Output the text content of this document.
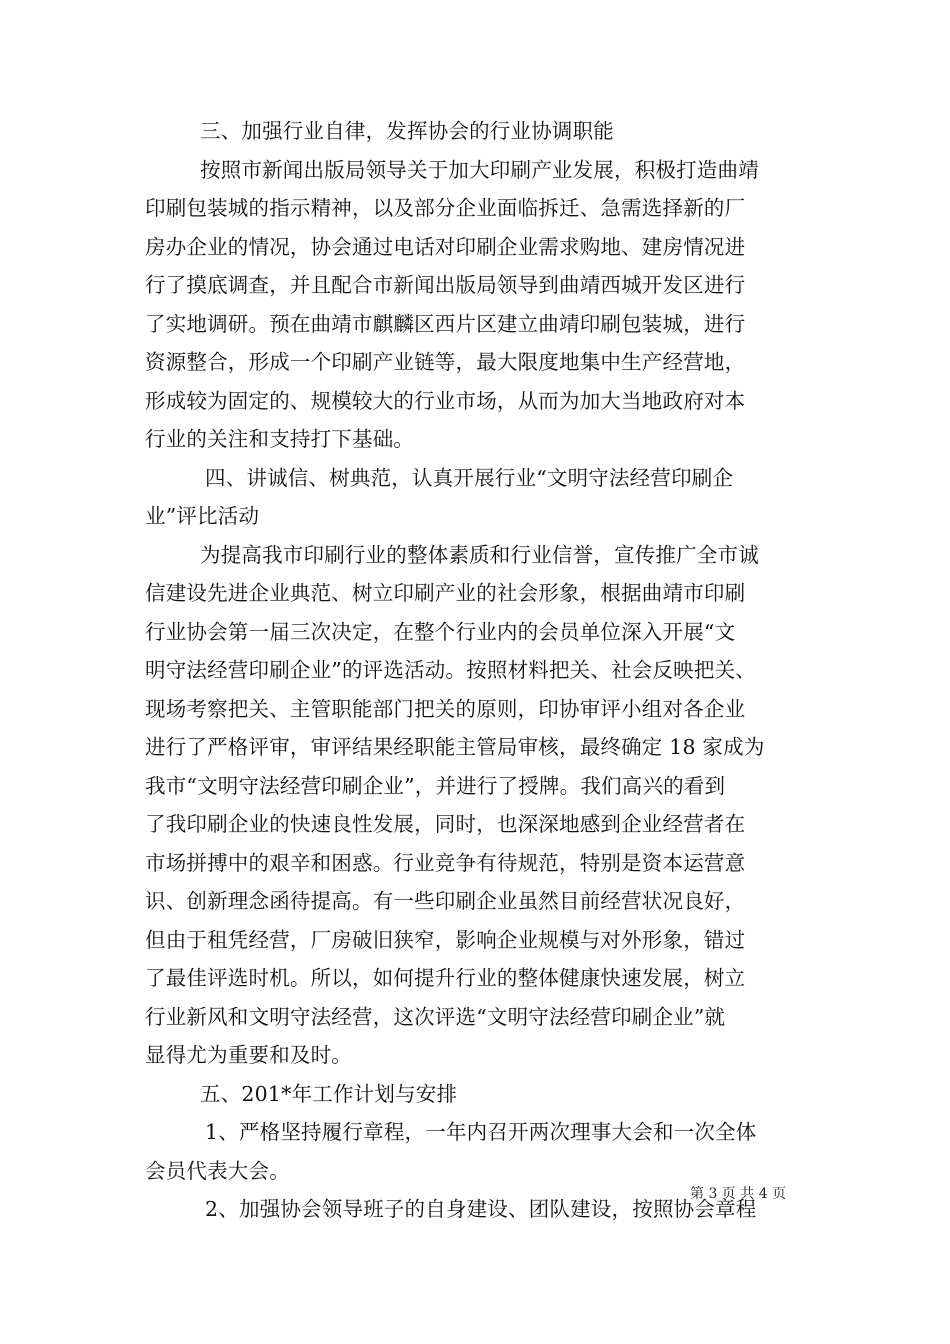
三、加强行业自律，发挥协会的行业协调职能

按照市新闻出版局领导关于加大印刷产业发展，积极打造曲靖
印刷包装城的指示精神，以及部分企业面临拆迁、急需选择新的厂
房办企业的情况，协会通过电话对印刷企业需求购地、建房情况进
行了摸底调查，并且配合市新闻出版局领导到曲靖西城开发区进行
了实地调研。预在曲靖市麒麟区西片区建立曲靖印刷包装城，进行
资源整合，形成一个印刷产业链等，最大限度地集中生产经营地，
形成较为固定的、规模较大的行业市场，从而为加大当地政府对本
行业的关注和支持打下基础。

四、讲诚信、树典范，认真开展行业“文明守法经营印刷企
业”评比活动

为提高我市印刷行业的整体素质和行业信誉，宣传推广全市诚
信建设先进企业典范、树立印刷产业的社会形象，根据曲靖市印刷
行业协会第一届三次决定，在整个行业内的会员单位深入开展“文
明守法经营印刷企业”的评选活动。按照材料把关、社会反映把关、
现场考察把关、主管职能部门把关的原则，印协审评小组对各企业
进行了严格评审，审评结果经职能主管局审核，最终确定 18 家成为
我市“文明守法经营印刷企业”，并进行了授牌。我们高兴的看到
了我印刷企业的快速良性发展，同时，也深深地感到企业经营者在
市场拼搏中的艰辛和困惑。行业竞争有待规范，特别是资本运营意
识、创新理念函待提高。有一些印刷企业虽然目前经营状况良好，
但由于租凭经营，厂房破旧狭窄，影响企业规模与对外形象，错过
了最佳评选时机。所以，如何提升行业的整体健康快速发展，树立
行业新风和文明守法经营，这次评选“文明守法经营印刷企业”就
显得尤为重要和及时。

五、201*年工作计划与安排

1、严格坚持履行章程，一年内召开两次理事大会和一次全体
会员代表大会。

2、加强协会领导班子的自身建设、团队建设，按照协会章程

第 3 页 共 4 页
